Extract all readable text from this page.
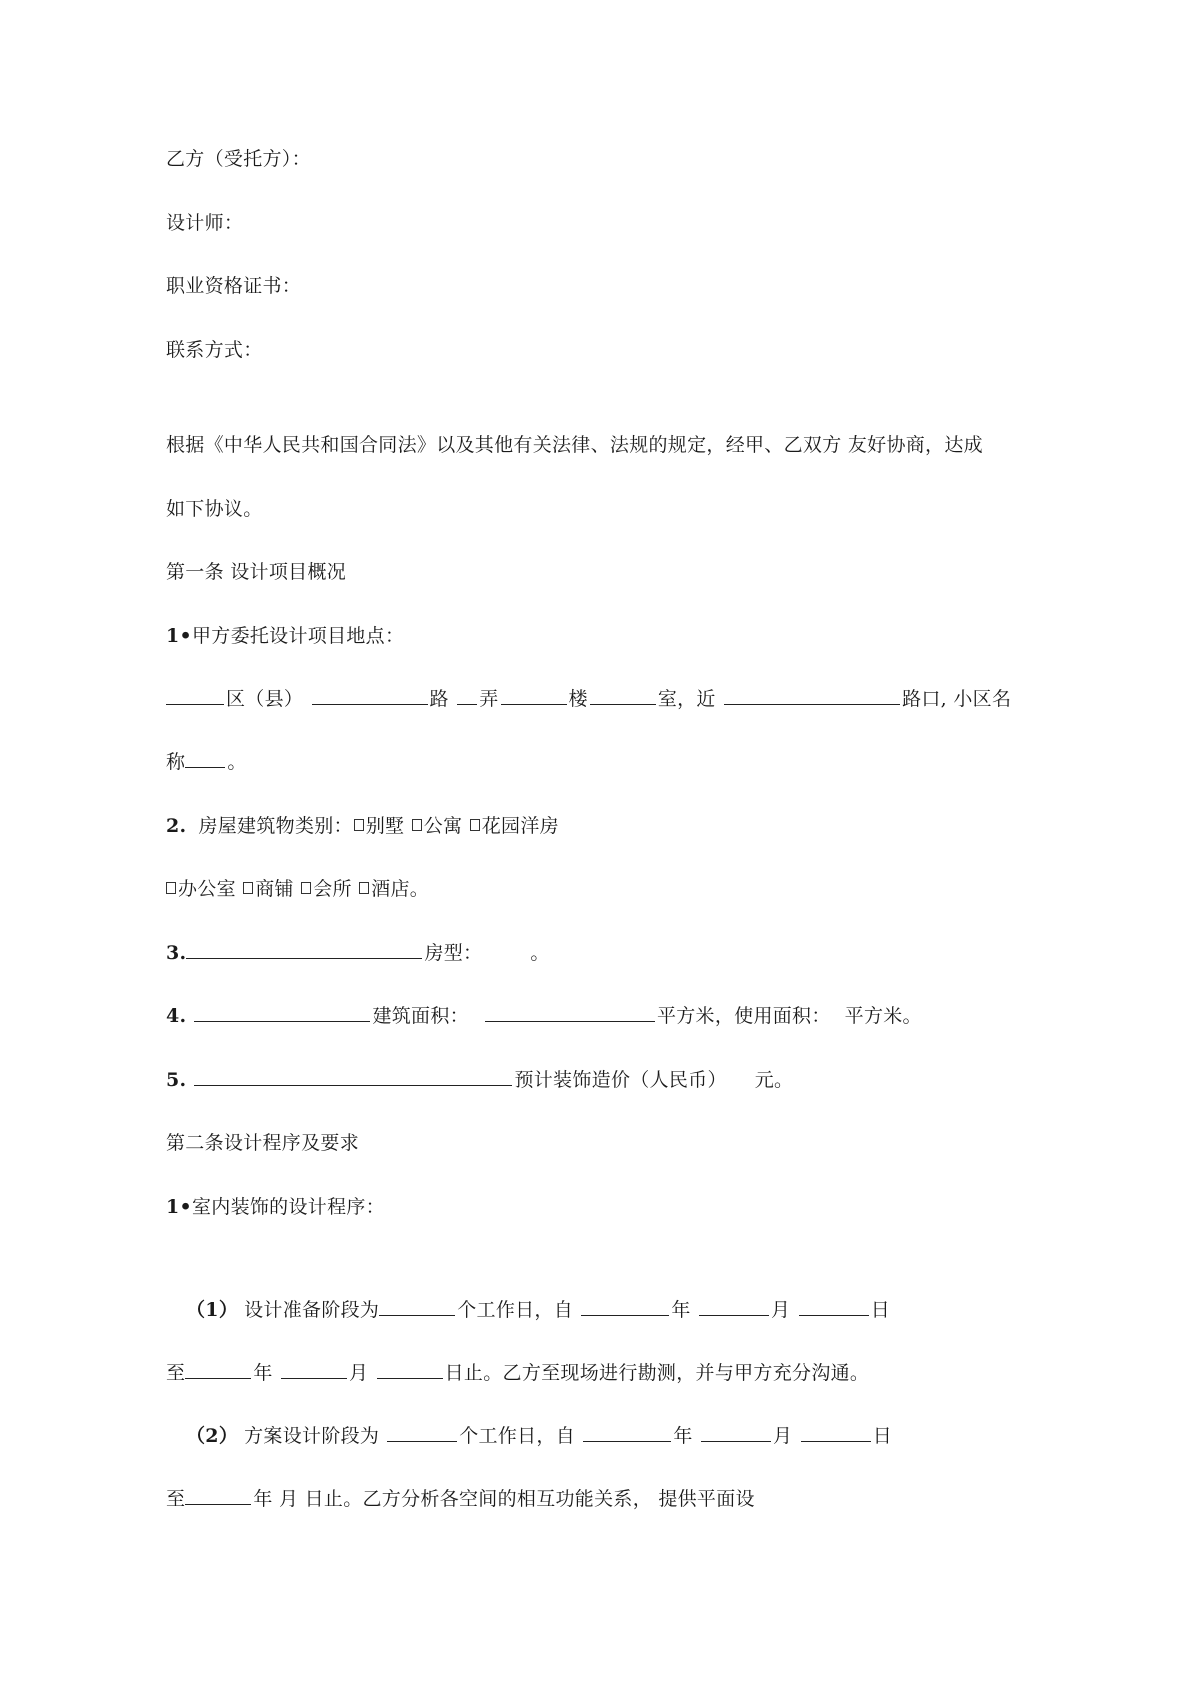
乙方（受托方）：
设计师：
职业资格证书：
联系方式：
根据《中华人民共和国合同法》以及其他有关法律、法规的规定，经甲、乙双方 友好协商，达成
如下协议。
第一条 设计项目概况
1•甲方委托设计项目地点：
区（县）	路 弄	楼	室，近	路口, 小区名
称 。
2. 房屋建筑物类别： 别墅 公寓 花园洋房
办公室 商铺 会所 酒店。
3.	房型：	。
4.	建筑面积：	平方米，使用面积： 平方米。
5.	预计装饰造价（人民币） 元。
第二条设计程序及要求
1•室内装饰的设计程序：
（1） 设计准备阶段为	个工作日，自	年	月	日
至	年	月	日止。乙方至现场进行勘测，并与甲方充分沟通。
（2） 方案设计阶段为	个工作日，自	年	月	日
至	年 月 日止。乙方分析各空间的相互功能关系， 提供平面设
